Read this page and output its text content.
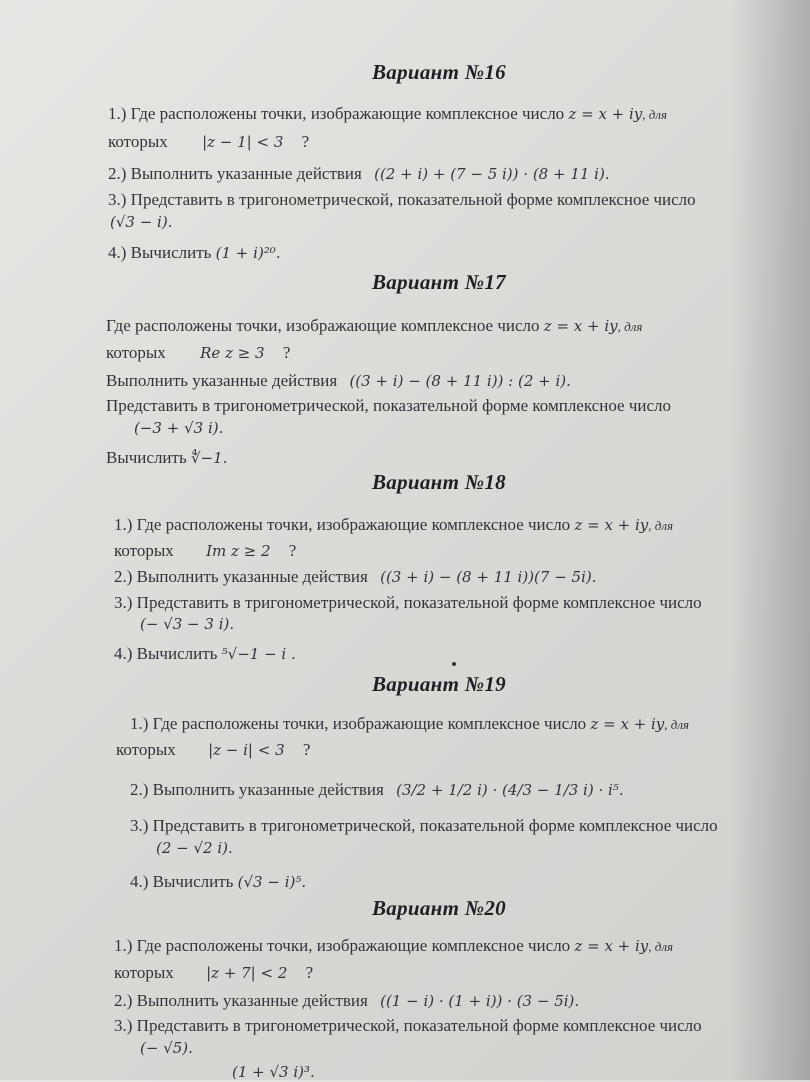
Вариант №16
1.) Где расположены точки, изображающие комплексное число z = x + iy, для
которых |z − 1| < 3 ?
2.) Выполнить указанные действия ((2 + i) + (7 − 5 i)) · (8 + 11 i).
3.) Представить в тригонометрической, показательной форме комплексное число
(√3 − i).
4.) Вычислить (1 + i)²⁰.
Вариант №17
Где расположены точки, изображающие комплексное число z = x + iy, для
которых Re z ≥ 3 ?
Выполнить указанные действия ((3 + i) − (8 + 11 i)) : (2 + i).
Представить в тригонометрической, показательной форме комплексное число
(−3 + √3 i).
Вычислить ∜−1.
Вариант №18
1.) Где расположены точки, изображающие комплексное число z = x + iy, для
которых Im z ≥ 2 ?
2.) Выполнить указанные действия ((3 + i) − (8 + 11 i))(7 − 5i).
3.) Представить в тригонометрической, показательной форме комплексное число
(− √3 − 3 i).
4.) Вычислить ⁵√−1 − i .
Вариант №19
1.) Где расположены точки, изображающие комплексное число z = x + iy, для
которых |z − i| < 3 ?
2.) Выполнить указанные действия (3/2 + 1/2 i) · (4/3 − 1/3 i) · i⁵.
3.) Представить в тригонометрической, показательной форме комплексное число
(2 − √2 i).
4.) Вычислить (√3 − i)⁵.
Вариант №20
1.) Где расположены точки, изображающие комплексное число z = x + iy, для
которых |z + 7| < 2 ?
2.) Выполнить указанные действия ((1 − i) · (1 + i)) · (3 − 5i).
3.) Представить в тригонометрической, показательной форме комплексное число
(− √5).
(1 + √3 i)³.
